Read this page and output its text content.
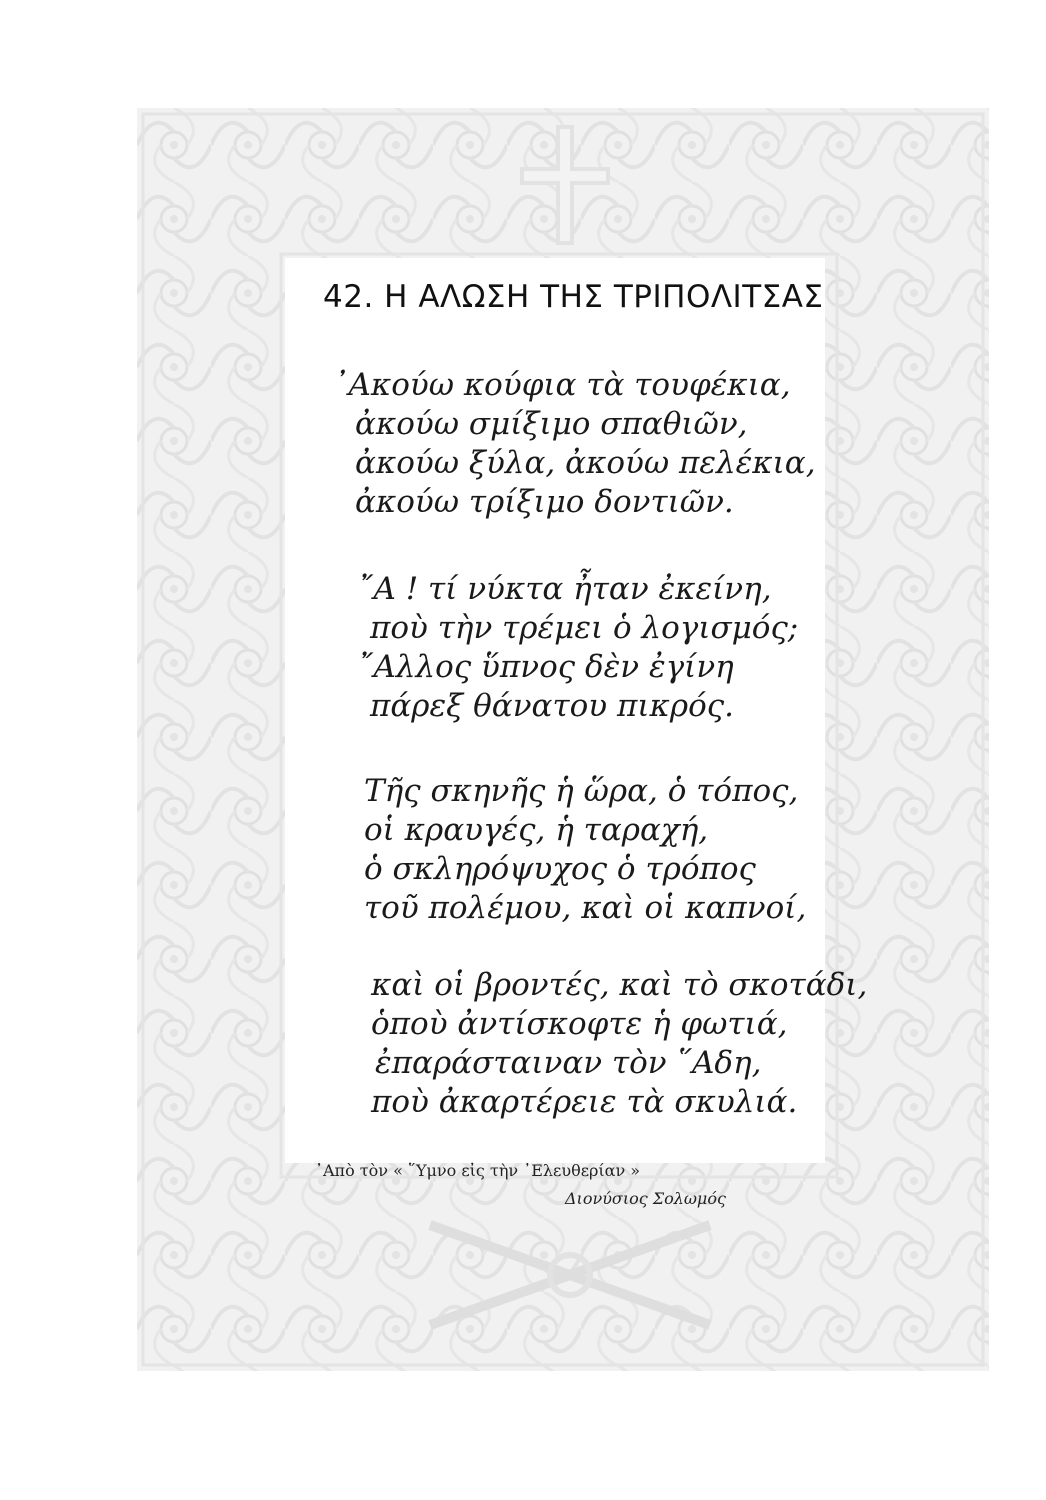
42. Η ΑΛΩΣΗ ΤΗΣ ΤΡΙΠΟΛΙΤΣΑΣ
᾿Ακούω κούφια τὰ τουφέκια,
ἀκούω σμίξιμο σπαθιῶν,
ἀκούω ξύλα, ἀκούω πελέκια,
ἀκούω τρίξιμο δοντιῶν.
῎Α ! τί νύκτα ἦταν ἐκείνη,
ποὺ τὴν τρέμει ὁ λογισμός;
῎Αλλος ὕπνος δὲν ἐγίνη
πάρεξ θάνατου πικρός.
Τῆς σκηνῆς ἡ ὥρα, ὁ τόπος,
οἱ κραυγές, ἡ ταραχή,
ὁ σκληρόψυχος ὁ τρόπος
τοῦ πολέμου, καὶ οἱ καπνοί,
καὶ οἱ βροντές, καὶ τὸ σκοτάδι,
ὁποὺ ἀντίσκοφτε ἡ φωτιά,
ἐπαράσταιναν τὸν ῞Αδη,
ποὺ ἀκαρτέρειε τὰ σκυλιά.
᾿Απὸ τὸν « ῞Υμνο εἰς τὴν ᾿Ελευθερίαν »
Διονύσιος Σολωμός
